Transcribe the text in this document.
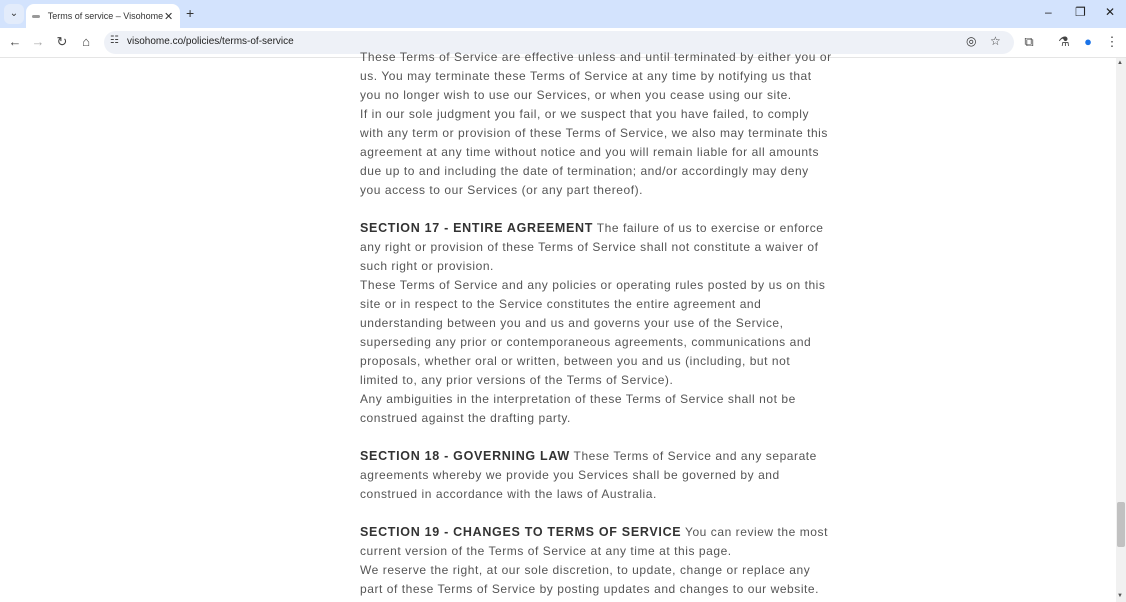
⌄	Terms of service – Visohome ✕ +	– ❐ ✕
← → ↻	⌂	☷ visohome.co/policies/terms-of-service	◎ ☆	⧉	⚗	●	⋮
These Terms of Service are effective unless and until terminated by either you or
us. You may terminate these Terms of Service at any time by notifying us that
you no longer wish to use our Services, or when you cease using our site.
If in our sole judgment you fail, or we suspect that you have failed, to comply
with any term or provision of these Terms of Service, we also may terminate this
agreement at any time without notice and you will remain liable for all amounts
due up to and including the date of termination; and/or accordingly may deny
you access to our Services (or any part thereof).
SECTION 17 - ENTIRE AGREEMENT The failure of us to exercise or enforce
any right or provision of these Terms of Service shall not constitute a waiver of
such right or provision.
These Terms of Service and any policies or operating rules posted by us on this
site or in respect to the Service constitutes the entire agreement and
understanding between you and us and governs your use of the Service,
superseding any prior or contemporaneous agreements, communications and
proposals, whether oral or written, between you and us (including, but not
limited to, any prior versions of the Terms of Service).
Any ambiguities in the interpretation of these Terms of Service shall not be
construed against the drafting party.
SECTION 18 - GOVERNING LAW These Terms of Service and any separate
agreements whereby we provide you Services shall be governed by and
construed in accordance with the laws of Australia.
SECTION 19 - CHANGES TO TERMS OF SERVICE You can review the most
current version of the Terms of Service at any time at this page.
We reserve the right, at our sole discretion, to update, change or replace any
part of these Terms of Service by posting updates and changes to our website.
▲
▼
